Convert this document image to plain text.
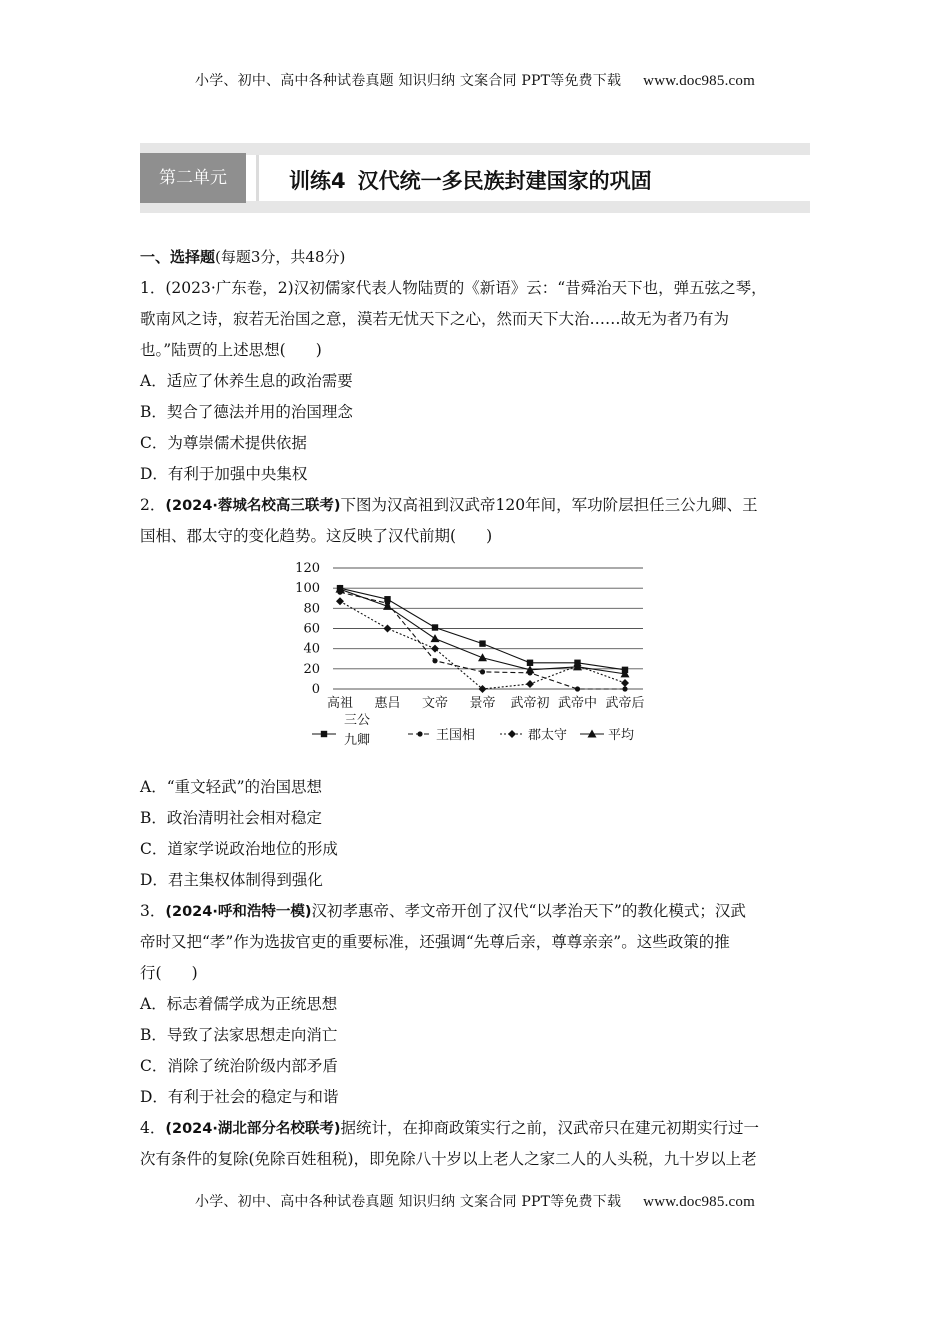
小学、初中、高中各种试卷真题 知识归纳 文案合同 PPT等免费下载 www.doc985.com
第二单元	训练4 汉代统一多民族封建国家的巩固
一、选择题(每题3分，共48分)
1．(2023·广东卷，2)汉初儒家代表人物陆贾的《新语》云：“昔舜治天下也，弹五弦之琴，
歌南风之诗，寂若无治国之意，漠若无忧天下之心，然而天下大治……故无为者乃有为
也。”陆贾的上述思想( )
A．适应了休养生息的政治需要
B．契合了德法并用的治国理念
C．为尊崇儒术提供依据
D．有利于加强中央集权
2．(2024·蓉城名校高三联考)下图为汉高祖到汉武帝120年间，军功阶层担任三公九卿、王
国相、郡太守的变化趋势。这反映了汉代前期( )
0
20
40
60
80
100
120
高祖 惠吕 文帝 景帝 武帝初 武帝中 武帝后
三公
九卿	王国相	郡太守	平均
A．“重文轻武”的治国思想
B．政治清明社会相对稳定
C．道家学说政治地位的形成
D．君主集权体制得到强化
3．(2024·呼和浩特一模)汉初孝惠帝、孝文帝开创了汉代“以孝治天下”的教化模式；汉武
帝时又把“孝”作为选拔官吏的重要标准，还强调“先尊后亲，尊尊亲亲”。这些政策的推
行( )
A．标志着儒学成为正统思想
B．导致了法家思想走向消亡
C．消除了统治阶级内部矛盾
D．有利于社会的稳定与和谐
4．(2024·湖北部分名校联考)据统计，在抑商政策实行之前，汉武帝只在建元初期实行过一
次有条件的复除(免除百姓租税)，即免除八十岁以上老人之家二人的人头税，九十岁以上老
小学、初中、高中各种试卷真题 知识归纳 文案合同 PPT等免费下载 www.doc985.com
